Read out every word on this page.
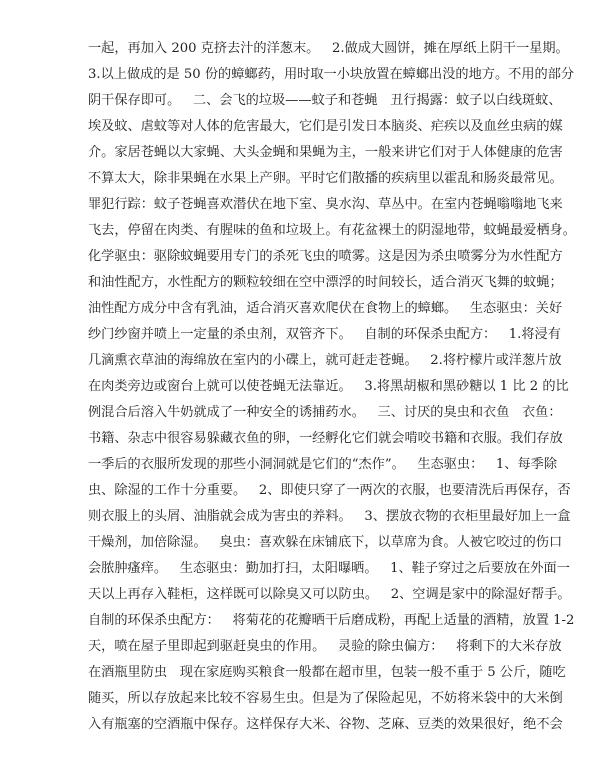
一起，再加入 200 克挤去汁的洋葱末。   2.做成大圆饼，摊在厚纸上阴干一星期。
3.以上做成的是 50 份的蟑螂药，用时取一小块放置在蟑螂出没的地方。不用的部分
阴干保存即可。   二、会飞的垃圾——蚊子和苍蝇   丑行揭露：蚊子以白线斑蚊、
埃及蚊、虐蚊等对人体的危害最大，它们是引发日本脑炎、疟疾以及血丝虫病的媒
介。家居苍蝇以大家蝇、大头金蝇和果蝇为主，一般来讲它们对于人体健康的危害
不算太大，除非果蝇在水果上产卵。平时它们散播的疾病里以霍乱和肠炎最常见。
罪犯行踪：蚊子苍蝇喜欢潜伏在地下室、臭水沟、草丛中。在室内苍蝇嗡嗡地飞来
飞去，停留在肉类、有腥味的鱼和垃圾上。有花盆裸土的阴湿地带，蚊蝇最爱栖身。
化学驱虫：驱除蚊蝇要用专门的杀死飞虫的喷雾。这是因为杀虫喷雾分为水性配方
和油性配方，水性配方的颗粒较细在空中漂浮的时间较长，适合消灭飞舞的蚊蝇；
油性配方成分中含有乳油，适合消灭喜欢爬伏在食物上的蟑螂。   生态驱虫：关好
纱门纱窗并喷上一定量的杀虫剂，双管齐下。   自制的环保杀虫配方：   1.将浸有
几滴熏衣草油的海绵放在室内的小碟上，就可赶走苍蝇。   2.将柠檬片或洋葱片放
在肉类旁边或窗台上就可以使苍蝇无法靠近。   3.将黑胡椒和黑砂糖以 1 比 2 的比
例混合后溶入牛奶就成了一种安全的诱捕药水。   三、讨厌的臭虫和衣鱼   衣鱼：
书籍、杂志中很容易躲藏衣鱼的卵，一经孵化它们就会啃咬书籍和衣服。我们存放
一季后的衣服所发现的那些小洞洞就是它们的“杰作”。   生态驱虫：   1、每季除
虫、除湿的工作十分重要。   2、即使只穿了一两次的衣服，也要清洗后再保存，否
则衣服上的头屑、油脂就会成为害虫的养料。   3、摆放衣物的衣柜里最好加上一盒
干燥剂，加倍除湿。   臭虫：喜欢躲在床铺底下，以草席为食。人被它咬过的伤口
会脓肿瘙痒。   生态驱虫：勤加打扫，太阳曝晒。   1、鞋子穿过之后要放在外面一
天以上再存入鞋柜，这样既可以除臭又可以防虫。   2、空调是家中的除湿好帮手。
自制的环保杀虫配方：   将菊花的花瓣晒干后磨成粉，再配上适量的酒精，放置 1-2
天，喷在屋子里即起到驱赶臭虫的作用。   灵验的除虫偏方：   将剩下的大米存放
在酒瓶里防虫   现在家庭购买粮食一般都在超市里，包装一般不重于 5 公斤，随吃
随买，所以存放起来比较不容易生虫。但是为了保险起见，不妨将米袋中的大米倒
入有瓶塞的空酒瓶中保存。这样保存大米、谷物、芝麻、豆类的效果很好，绝不会
